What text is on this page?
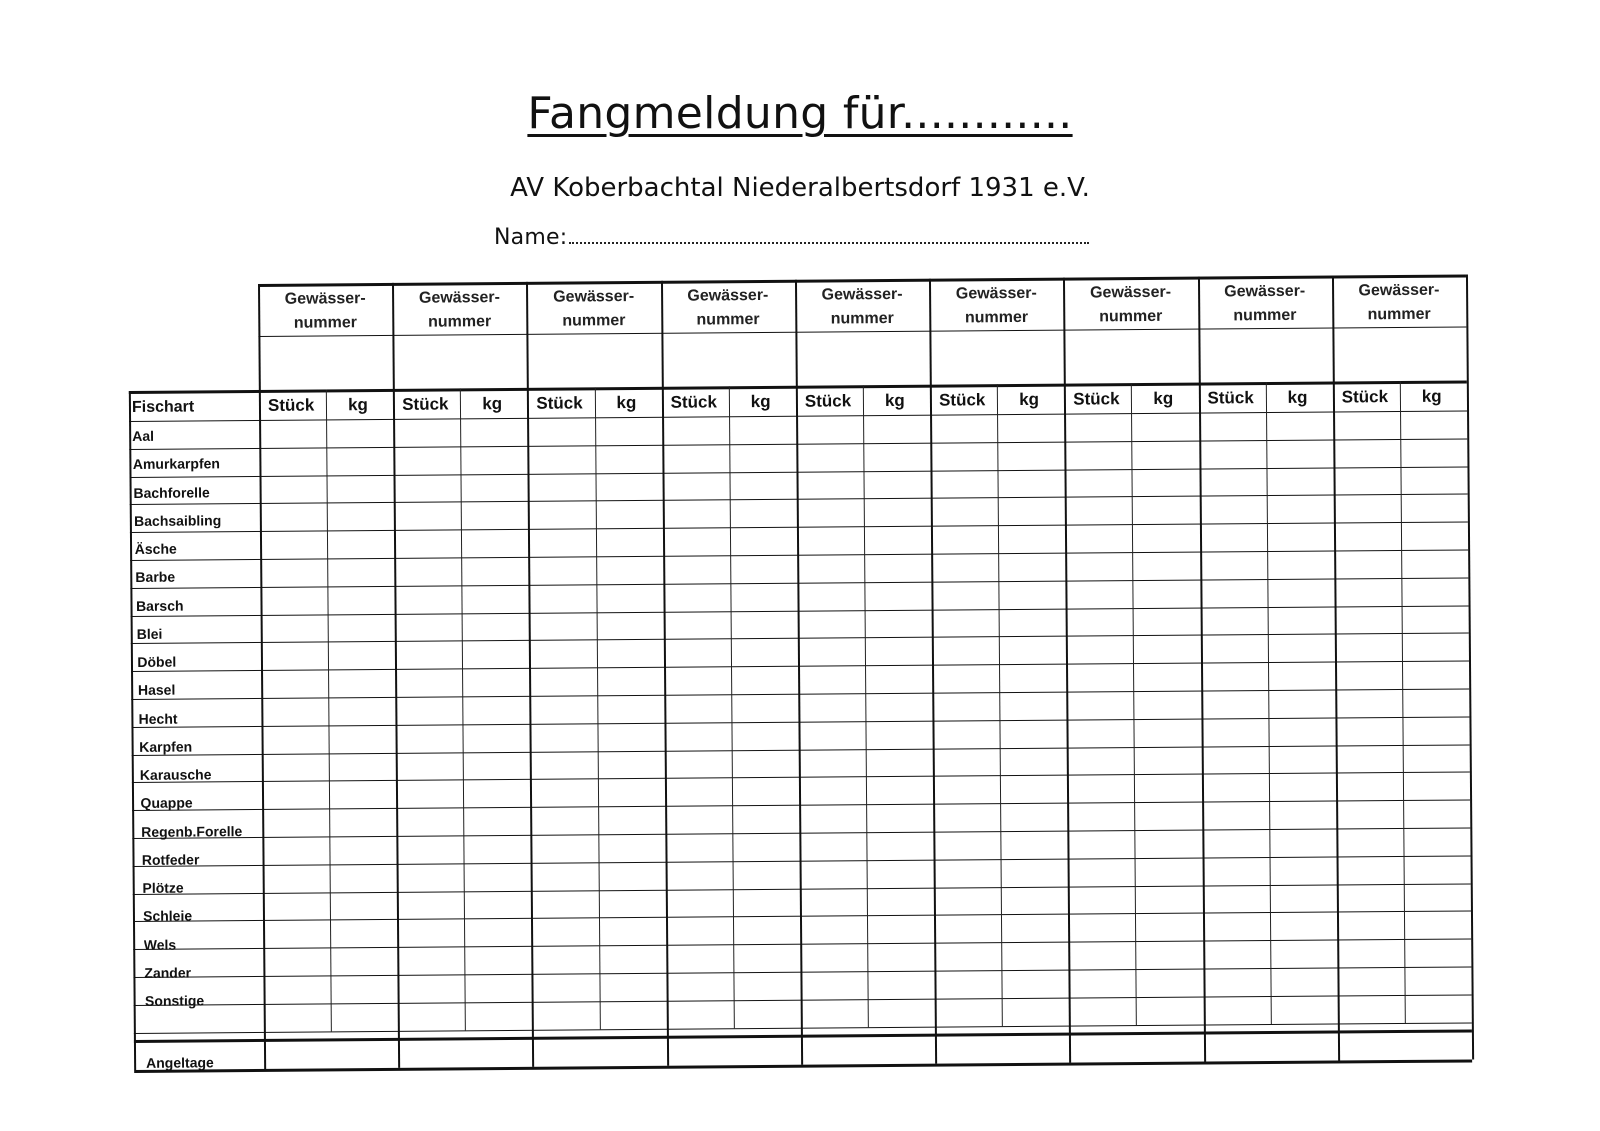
Fangmeldung für............
AV Koberbachtal Niederalbertsdorf 1931 e.V.
Name:
Gewässer-
nummer
Stück kg
Gewässer-
nummer
Stück kg
Gewässer-
nummer
Stück kg
Gewässer-
nummer
Stück kg
Gewässer-
nummer
Stück kg
Gewässer-
nummer
Stück kg
Gewässer-
nummer
Stück kg
Gewässer-
nummer
Stück kg
Gewässer-
nummer
Stück kg
Fischart
Aal
Amurkarpfen
Bachforelle
Bachsaibling
Äsche
Barbe
Barsch
Blei
Döbel
Hasel
Hecht
Karpfen
Karausche
Quappe
Regenb.Forelle
Rotfeder
Plötze
Schleie
Wels
Zander
Sonstige
Angeltage
